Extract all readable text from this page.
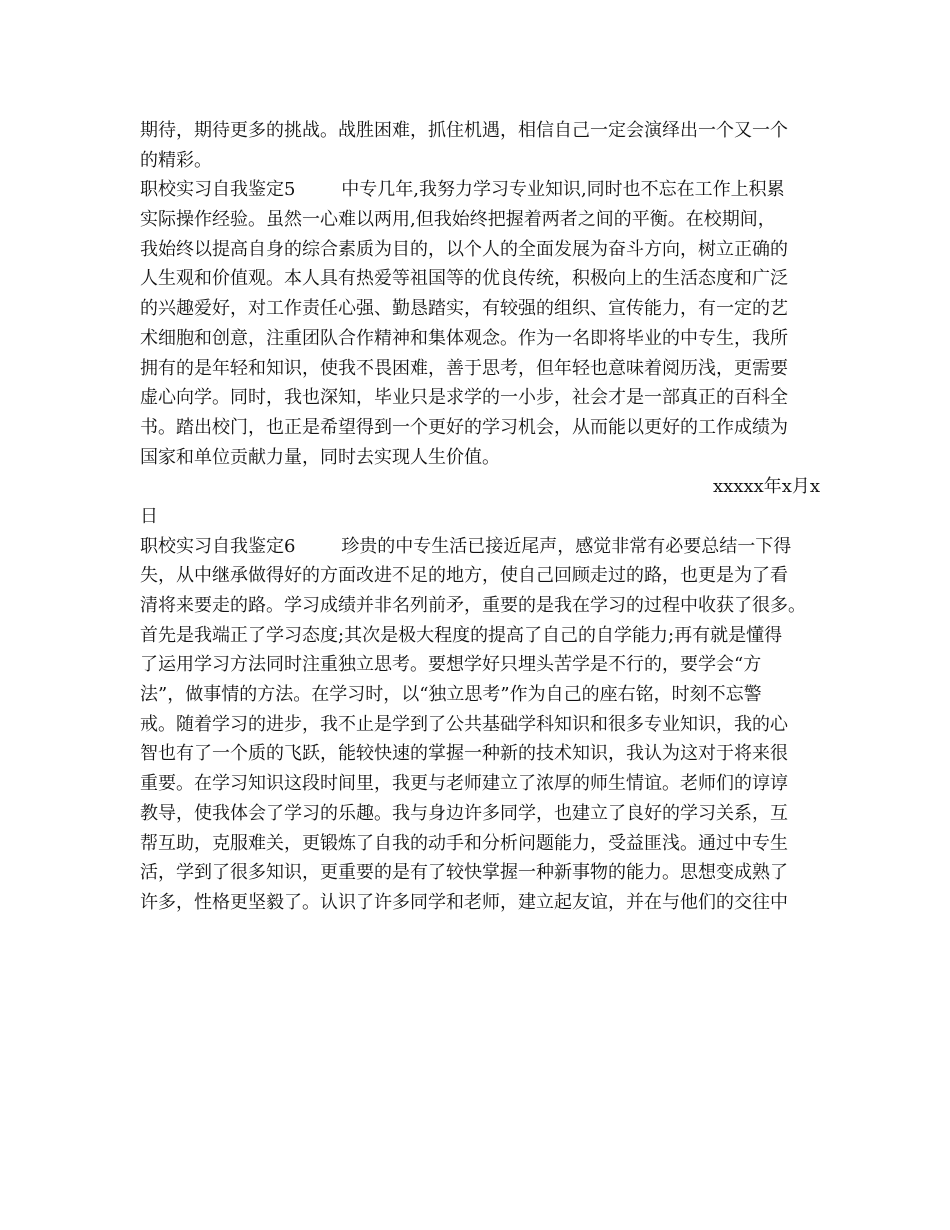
期待，期待更多的挑战。战胜困难，抓住机遇，相信自己一定会演绎出一个又一个
的精彩。
职校实习自我鉴定5        中专几年,我努力学习专业知识,同时也不忘在工作上积累
实际操作经验。虽然一心难以两用,但我始终把握着两者之间的平衡。在校期间，
我始终以提高自身的综合素质为目的，以个人的全面发展为奋斗方向，树立正确的
人生观和价值观。本人具有热爱等祖国等的优良传统，积极向上的生活态度和广泛
的兴趣爱好，对工作责任心强、勤恳踏实，有较强的组织、宣传能力，有一定的艺
术细胞和创意，注重团队合作精神和集体观念。作为一名即将毕业的中专生，我所
拥有的是年轻和知识，使我不畏困难，善于思考，但年轻也意味着阅历浅，更需要
虚心向学。同时，我也深知，毕业只是求学的一小步，社会才是一部真正的百科全
书。踏出校门，也正是希望得到一个更好的学习机会，从而能以更好的工作成绩为
国家和单位贡献力量，同时去实现人生价值。
xxxxx年x月x
日
职校实习自我鉴定6        珍贵的中专生活已接近尾声，感觉非常有必要总结一下得
失，从中继承做得好的方面改进不足的地方，使自己回顾走过的路，也更是为了看
清将来要走的路。学习成绩并非名列前矛，重要的是我在学习的过程中收获了很多。
首先是我端正了学习态度;其次是极大程度的提高了自己的自学能力;再有就是懂得
了运用学习方法同时注重独立思考。要想学好只埋头苦学是不行的，要学会“方
法”，做事情的方法。在学习时，以“独立思考”作为自己的座右铭，时刻不忘警
戒。随着学习的进步，我不止是学到了公共基础学科知识和很多专业知识，我的心
智也有了一个质的飞跃，能较快速的掌握一种新的技术知识，我认为这对于将来很
重要。在学习知识这段时间里，我更与老师建立了浓厚的师生情谊。老师们的谆谆
教导，使我体会了学习的乐趣。我与身边许多同学，也建立了良好的学习关系，互
帮互助，克服难关，更锻炼了自我的动手和分析问题能力，受益匪浅。通过中专生
活，学到了很多知识，更重要的是有了较快掌握一种新事物的能力。思想变成熟了
许多，性格更坚毅了。认识了许多同学和老师，建立起友谊，并在与他们的交往中
